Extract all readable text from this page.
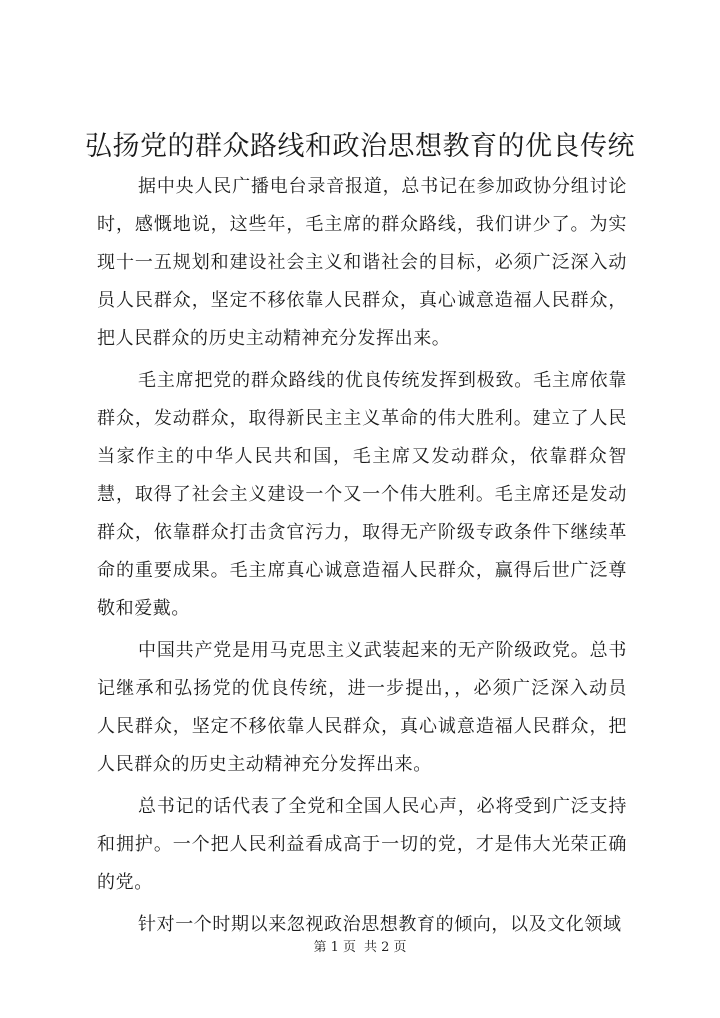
弘扬党的群众路线和政治思想教育的优良传统

据中央人民广播电台录音报道，总书记在参加政协分组讨论时，感慨地说，这些年，毛主席的群众路线，我们讲少了。为实现十一五规划和建设社会主义和谐社会的目标，必须广泛深入动员人民群众，坚定不移依靠人民群众，真心诚意造福人民群众，把人民群众的历史主动精神充分发挥出来。

毛主席把党的群众路线的优良传统发挥到极致。毛主席依靠群众，发动群众，取得新民主主义革命的伟大胜利。建立了人民当家作主的中华人民共和国，毛主席又发动群众，依靠群众智慧，取得了社会主义建设一个又一个伟大胜利。毛主席还是发动群众，依靠群众打击贪官污力，取得无产阶级专政条件下继续革命的重要成果。毛主席真心诚意造福人民群众，赢得后世广泛尊敬和爱戴。

中国共产党是用马克思主义武装起来的无产阶级政党。总书记继承和弘扬党的优良传统，进一步提出，，必须广泛深入动员人民群众，坚定不移依靠人民群众，真心诚意造福人民群众，把人民群众的历史主动精神充分发挥出来。

总书记的话代表了全党和全国人民心声，必将受到广泛支持和拥护。一个把人民利益看成高于一切的党，才是伟大光荣正确的党。

针对一个时期以来忽视政治思想教育的倾向，以及文化领域

第 1 页 共 2 页
